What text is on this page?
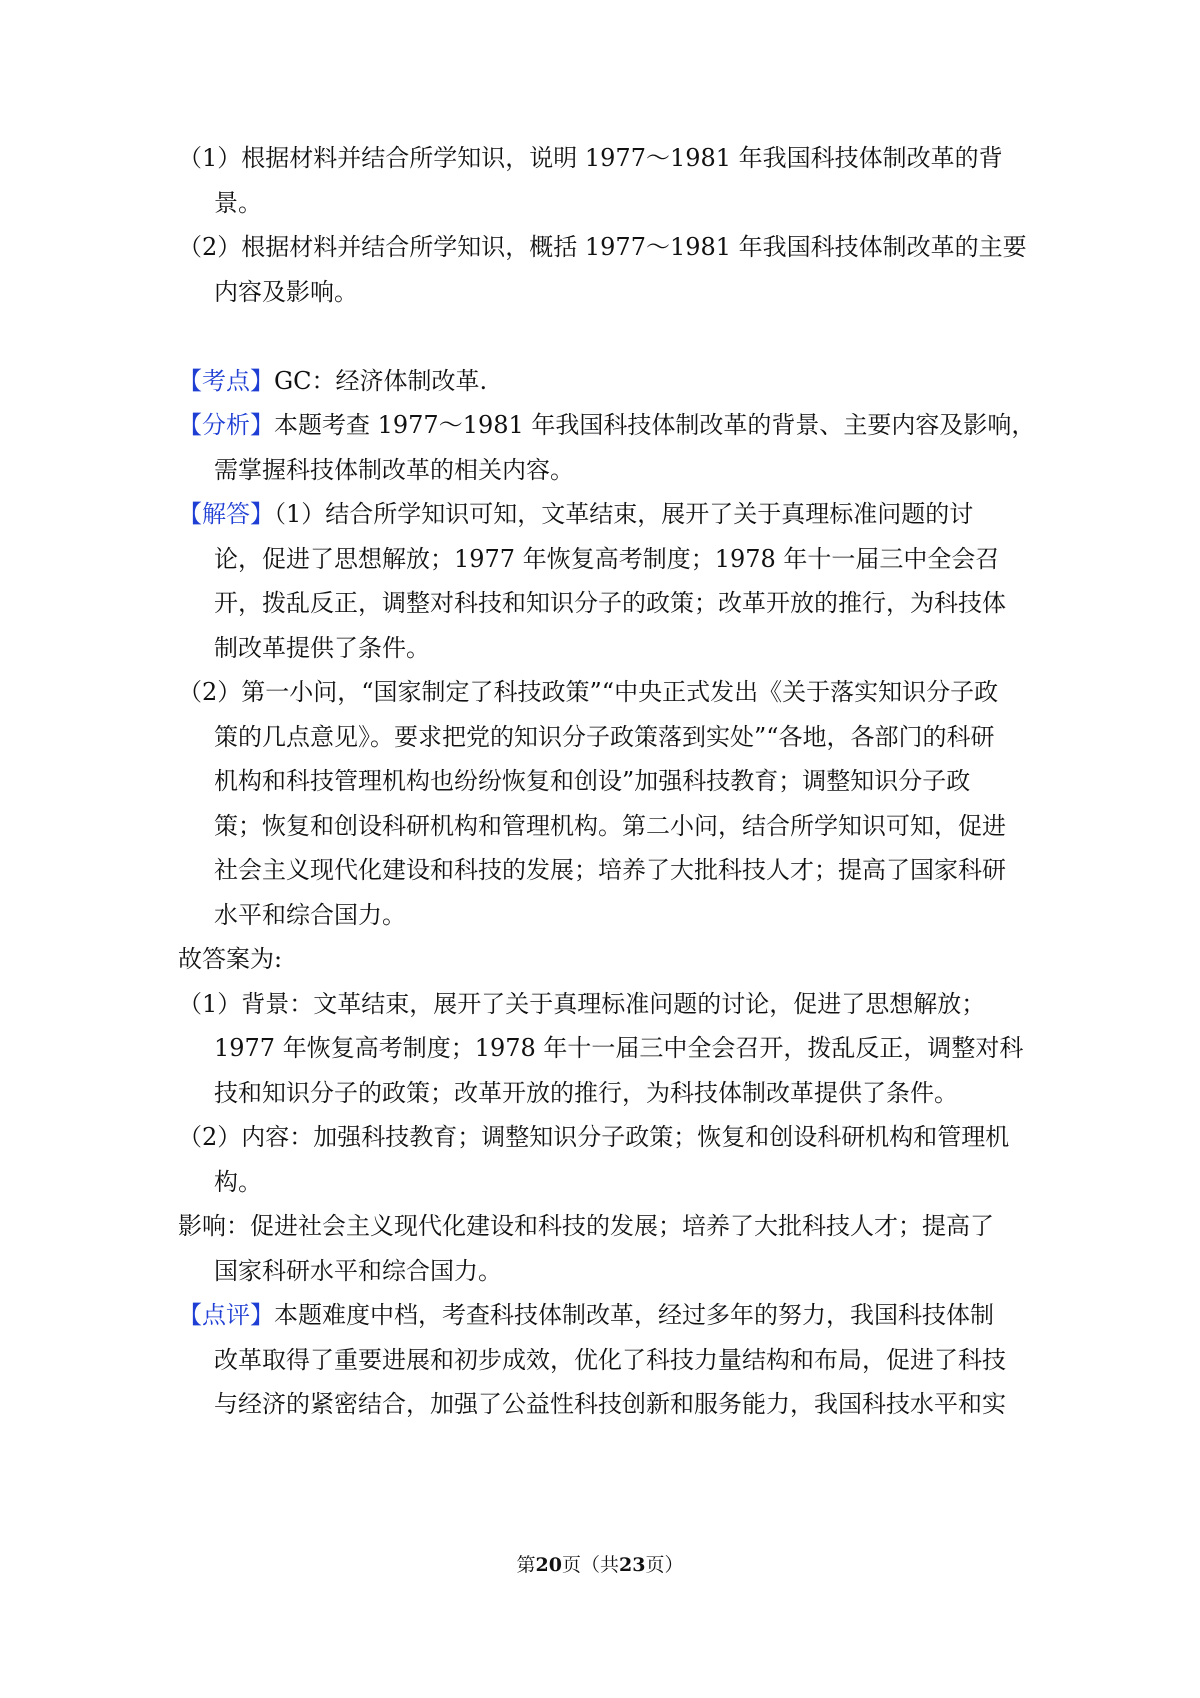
（1）根据材料并结合所学知识，说明 1977～1981 年我国科技体制改革的背
景。
（2）根据材料并结合所学知识，概括 1977～1981 年我国科技体制改革的主要
内容及影响。
【考点】GC：经济体制改革.
【分析】本题考查 1977～1981 年我国科技体制改革的背景、主要内容及影响，
需掌握科技体制改革的相关内容。
【解答】（1）结合所学知识可知，文革结束，展开了关于真理标准问题的讨
论，促进了思想解放；1977 年恢复高考制度；1978 年十一届三中全会召
开，拨乱反正，调整对科技和知识分子的政策；改革开放的推行，为科技体
制改革提供了条件。
（2）第一小问，“国家制定了科技政策”“中央正式发出《关于落实知识分子政
策的几点意见》。要求把党的知识分子政策落到实处”“各地，各部门的科研
机构和科技管理机构也纷纷恢复和创设”加强科技教育；调整知识分子政
策；恢复和创设科研机构和管理机构。第二小问，结合所学知识可知，促进
社会主义现代化建设和科技的发展；培养了大批科技人才；提高了国家科研
水平和综合国力。
故答案为:
（1）背景：文革结束，展开了关于真理标准问题的讨论，促进了思想解放；
1977 年恢复高考制度；1978 年十一届三中全会召开，拨乱反正，调整对科
技和知识分子的政策；改革开放的推行，为科技体制改革提供了条件。
（2）内容：加强科技教育；调整知识分子政策；恢复和创设科研机构和管理机
构。
影响：促进社会主义现代化建设和科技的发展；培养了大批科技人才；提高了
国家科研水平和综合国力。
【点评】本题难度中档，考查科技体制改革，经过多年的努力，我国科技体制
改革取得了重要进展和初步成效，优化了科技力量结构和布局，促进了科技
与经济的紧密结合，加强了公益性科技创新和服务能力，我国科技水平和实
第20页（共23页）
